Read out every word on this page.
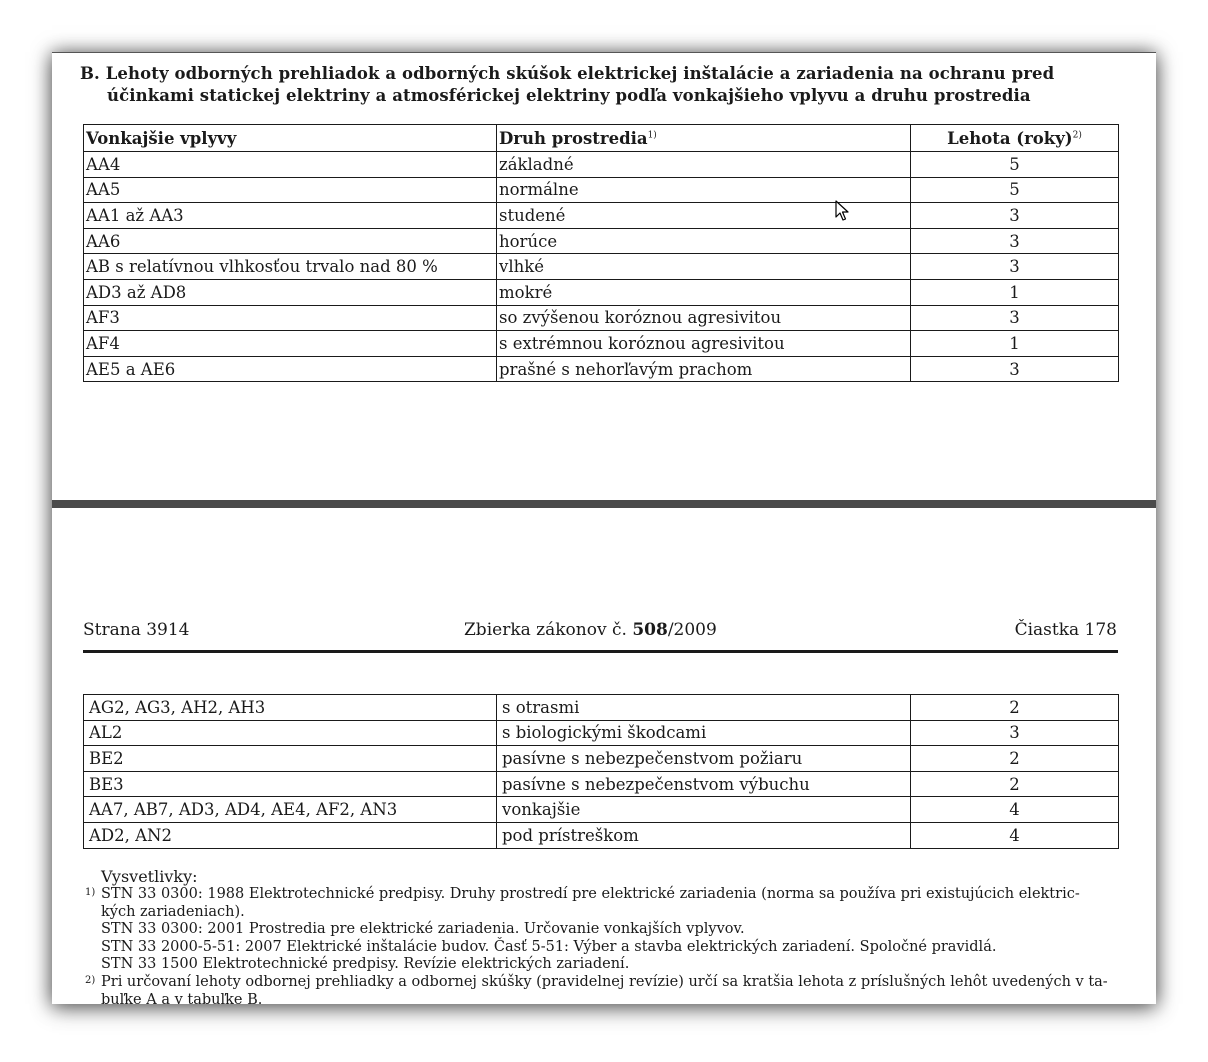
B. Lehoty odborných prehliadok a odborných skúšok elektrickej inštalácie a zariadenia na ochranu pred
účinkami statickej elektriny a atmosférickej elektriny podľa vonkajšieho vplyvu a druhu prostredia
Vonkajšie vplyvy	Druh prostredia$^{1)}$	Lehota (roky)$^{2)}$
AA4	základné	5
AA5	normálne	5
AA1 až AA3	studené	3
AA6	horúce	3
AB s relatívnou vlhkosťou trvalo nad 80 %	vlhké	3
AD3 až AD8	mokré	1
AF3	so zvýšenou koróznou agresivitou	3
AF4	s extrémnou koróznou agresivitou	1
AE5 a AE6	prašné s nehorľavým prachom	3
Strana 3914	Zbierka zákonov č. 508/2009	Čiastka 178
AG2, AG3, AH2, AH3	s otrasmi	2
AL2	s biologickými škodcami	3
BE2	pasívne s nebezpečenstvom požiaru	2
BE3	pasívne s nebezpečenstvom výbuchu	2
AA7, AB7, AD3, AD4, AE4, AF2, AN3	vonkajšie	4
AD2, AN2	pod prístreškom	4
Vysvetlivky:
1) STN 33 0300: 1988 Elektrotechnické predpisy. Druhy prostredí pre elektrické zariadenia (norma sa používa pri existujúcich elektric-

kých zariadeniach).

STN 33 0300: 2001 Prostredia pre elektrické zariadenia. Určovanie vonkajších vplyvov.

STN 33 2000-5-51: 2007 Elektrické inštalácie budov. Časť 5-51: Výber a stavba elektrických zariadení. Spoločné pravidlá.

STN 33 1500 Elektrotechnické predpisy. Revízie elektrických zariadení.

2) Pri určovaní lehoty odbornej prehliadky a odbornej skúšky (pravidelnej revízie) určí sa kratšia lehota z príslušných lehôt uvedených v ta-

buľke A a v tabuľke B.
